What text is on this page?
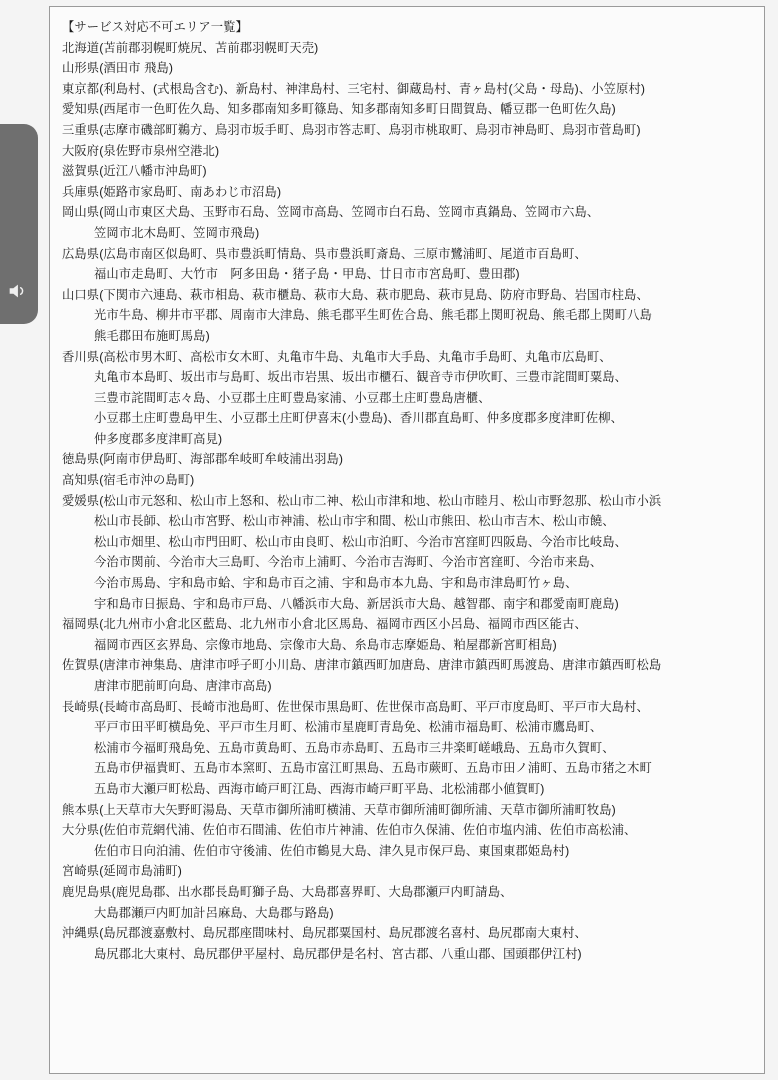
【サービス対応不可エリア一覧】
北海道(苫前郡羽幌町焼尻、苫前郡羽幌町天売)
山形県(酒田市 飛島)
東京都(利島村、(式根島含む)、新島村、神津島村、三宅村、御蔵島村、青ヶ島村(父島・母島)、小笠原村)
愛知県(西尾市一色町佐久島、知多郡南知多町篠島、知多郡南知多町日間賀島、幡豆郡一色町佐久島)
三重県(志摩市磯部町鵜方、鳥羽市坂手町、鳥羽市答志町、鳥羽市桃取町、鳥羽市神島町、鳥羽市菅島町)
大阪府(泉佐野市泉州空港北)
滋賀県(近江八幡市沖島町)
兵庫県(姫路市家島町、南あわじ市沼島)
岡山県(岡山市東区犬島、玉野市石島、笠岡市高島、笠岡市白石島、笠岡市真鍋島、笠岡市六島、
笠岡市北木島町、笠岡市飛島)
広島県(広島市南区似島町、呉市豊浜町情島、呉市豊浜町斎島、三原市鷺浦町、尾道市百島町、
福山市走島町、大竹市　阿多田島・猪子島・甲島、廿日市市宮島町、豊田郡)
山口県(下関市六連島、萩市相島、萩市櫃島、萩市大島、萩市肥島、萩市見島、防府市野島、岩国市柱島、
光市牛島、柳井市平郡、周南市大津島、熊毛郡平生町佐合島、熊毛郡上関町祝島、熊毛郡上関町八島
熊毛郡田布施町馬島)
香川県(高松市男木町、高松市女木町、丸亀市牛島、丸亀市大手島、丸亀市手島町、丸亀市広島町、
丸亀市本島町、坂出市与島町、坂出市岩黒、坂出市櫃石、観音寺市伊吹町、三豊市詫間町粟島、
三豊市詫間町志々島、小豆郡土庄町豊島家浦、小豆郡土庄町豊島唐櫃、
小豆郡土庄町豊島甲生、小豆郡土庄町伊喜末(小豊島)、香川郡直島町、仲多度郡多度津町佐柳、
仲多度郡多度津町高見)
徳島県(阿南市伊島町、海部郡牟岐町牟岐浦出羽島)
高知県(宿毛市沖の島町)
愛媛県(松山市元怒和、松山市上怒和、松山市二神、松山市津和地、松山市睦月、松山市野忽那、松山市小浜
松山市長師、松山市宮野、松山市神浦、松山市宇和間、松山市熊田、松山市吉木、松山市饒、
松山市畑里、松山市門田町、松山市由良町、松山市泊町、今治市宮窪町四阪島、今治市比岐島、
今治市関前、今治市大三島町、今治市上浦町、今治市吉海町、今治市宮窪町、今治市来島、
今治市馬島、宇和島市蛤、宇和島市百之浦、宇和島市本九島、宇和島市津島町竹ヶ島、
宇和島市日振島、宇和島市戸島、八幡浜市大島、新居浜市大島、越智郡、南宇和郡愛南町鹿島)
福岡県(北九州市小倉北区藍島、北九州市小倉北区馬島、福岡市西区小呂島、福岡市西区能古、
福岡市西区玄界島、宗像市地島、宗像市大島、糸島市志摩姫島、粕屋郡新宮町相島)
佐賀県(唐津市神集島、唐津市呼子町小川島、唐津市鎮西町加唐島、唐津市鎮西町馬渡島、唐津市鎮西町松島
唐津市肥前町向島、唐津市高島)
長崎県(長崎市高島町、長崎市池島町、佐世保市黒島町、佐世保市高島町、平戸市度島町、平戸市大島村、
平戸市田平町横島免、平戸市生月町、松浦市星鹿町青島免、松浦市福島町、松浦市鷹島町、
松浦市今福町飛島免、五島市黄島町、五島市赤島町、五島市三井楽町嵯峨島、五島市久賀町、
五島市伊福貴町、五島市本窯町、五島市富江町黒島、五島市蕨町、五島市田ノ浦町、五島市猪之木町
五島市大瀬戸町松島、西海市崎戸町江島、西海市崎戸町平島、北松浦郡小値賀町)
熊本県(上天草市大矢野町湯島、天草市御所浦町横浦、天草市御所浦町御所浦、天草市御所浦町牧島)
大分県(佐伯市荒網代浦、佐伯市石間浦、佐伯市片神浦、佐伯市久保浦、佐伯市塩内浦、佐伯市高松浦、
佐伯市日向泊浦、佐伯市守後浦、佐伯市鶴見大島、津久見市保戸島、東国東郡姫島村)
宮崎県(延岡市島浦町)
鹿児島県(鹿児島郡、出水郡長島町獅子島、大島郡喜界町、大島郡瀬戸内町請島、
大島郡瀬戸内町加計呂麻島、大島郡与路島)
沖縄県(島尻郡渡嘉敷村、島尻郡座間味村、島尻郡粟国村、島尻郡渡名喜村、島尻郡南大東村、
島尻郡北大東村、島尻郡伊平屋村、島尻郡伊是名村、宮古郡、八重山郡、国頭郡伊江村)
